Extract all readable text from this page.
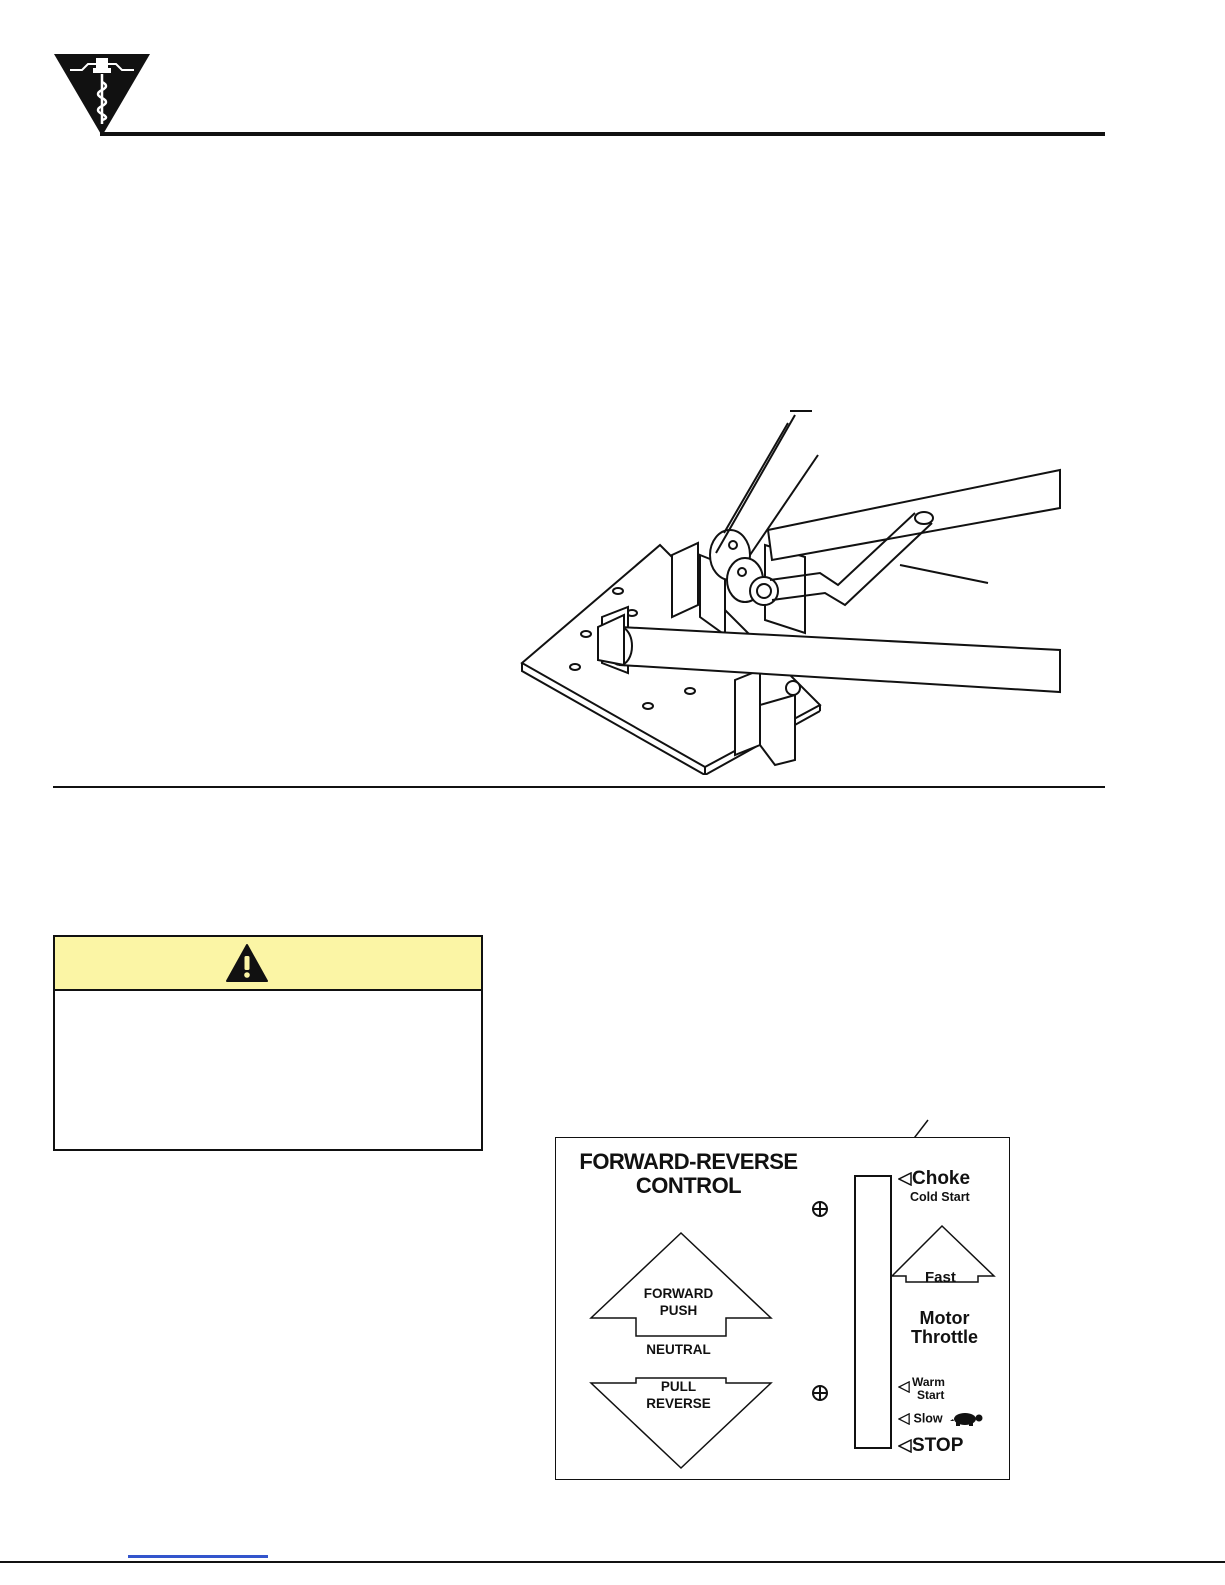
FORWARD-REVERSE
CONTROL
FORWARD
PUSH
NEUTRAL
PULL
REVERSE
Choke
Cold Start
Fast
Motor
Throttle
Warm
Start
Slow
STOP
